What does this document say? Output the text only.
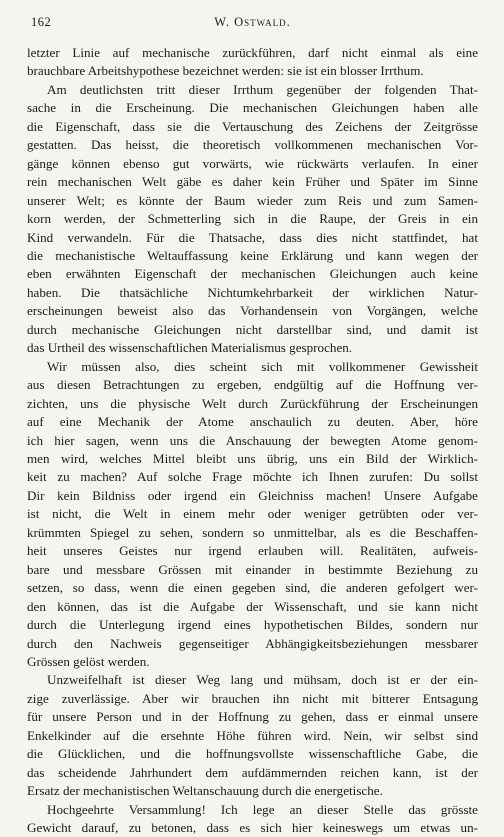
162	W. Ostwald.
letzter Linie auf mechanische zurückführen, darf nicht einmal als eine
brauchbare Arbeitshypothese bezeichnet werden: sie ist ein blosser Irrthum.
Am deutlichsten tritt dieser Irrthum gegenüber der folgenden That-
sache in die Erscheinung. Die mechanischen Gleichungen haben alle
die Eigenschaft, dass sie die Vertauschung des Zeichens der Zeitgrösse
gestatten. Das heisst, die theoretisch vollkommenen mechanischen Vor-
gänge können ebenso gut vorwärts, wie rückwärts verlaufen. In einer
rein mechanischen Welt gäbe es daher kein Früher und Später im Sinne
unserer Welt; es könnte der Baum wieder zum Reis und zum Samen-
korn werden, der Schmetterling sich in die Raupe, der Greis in ein
Kind verwandeln. Für die Thatsache, dass dies nicht stattfindet, hat
die mechanistische Weltauffassung keine Erklärung und kann wegen der
eben erwähnten Eigenschaft der mechanischen Gleichungen auch keine
haben. Die thatsächliche Nichtumkehrbarkeit der wirklichen Natur-
erscheinungen beweist also das Vorhandensein von Vorgängen, welche
durch mechanische Gleichungen nicht darstellbar sind, und damit ist
das Urtheil des wissenschaftlichen Materialismus gesprochen.
Wir müssen also, dies scheint sich mit vollkommener Gewissheit
aus diesen Betrachtungen zu ergeben, endgültig auf die Hoffnung ver-
zichten, uns die physische Welt durch Zurückführung der Erscheinungen
auf eine Mechanik der Atome anschaulich zu deuten. Aber, höre
ich hier sagen, wenn uns die Anschauung der bewegten Atome genom-
men wird, welches Mittel bleibt uns übrig, uns ein Bild der Wirklich-
keit zu machen? Auf solche Frage möchte ich Ihnen zurufen: Du sollst
Dir kein Bildniss oder irgend ein Gleichniss machen! Unsere Aufgabe
ist nicht, die Welt in einem mehr oder weniger getrübten oder ver-
krümmten Spiegel zu sehen, sondern so unmittelbar, als es die Beschaffen-
heit unseres Geistes nur irgend erlauben will. Realitäten, aufweis-
bare und messbare Grössen mit einander in bestimmte Beziehung zu
setzen, so dass, wenn die einen gegeben sind, die anderen gefolgert wer-
den können, das ist die Aufgabe der Wissenschaft, und sie kann nicht
durch die Unterlegung irgend eines hypothetischen Bildes, sondern nur
durch den Nachweis gegenseitiger Abhängigkeitsbeziehungen messbarer
Grössen gelöst werden.
Unzweifelhaft ist dieser Weg lang und mühsam, doch ist er der ein-
zige zuverlässige. Aber wir brauchen ihn nicht mit bitterer Entsagung
für unsere Person und in der Hoffnung zu gehen, dass er einmal unsere
Enkelkinder auf die ersehnte Höhe führen wird. Nein, wir selbst sind
die Glücklichen, und die hoffnungsvollste wissenschaftliche Gabe, die
das scheidende Jahrhundert dem aufdämmernden reichen kann, ist der
Ersatz der mechanistischen Weltanschauung durch die energetische.
Hochgeehrte Versammlung! Ich lege an dieser Stelle das grösste
Gewicht darauf, zu betonen, dass es sich hier keineswegs um etwas un-
